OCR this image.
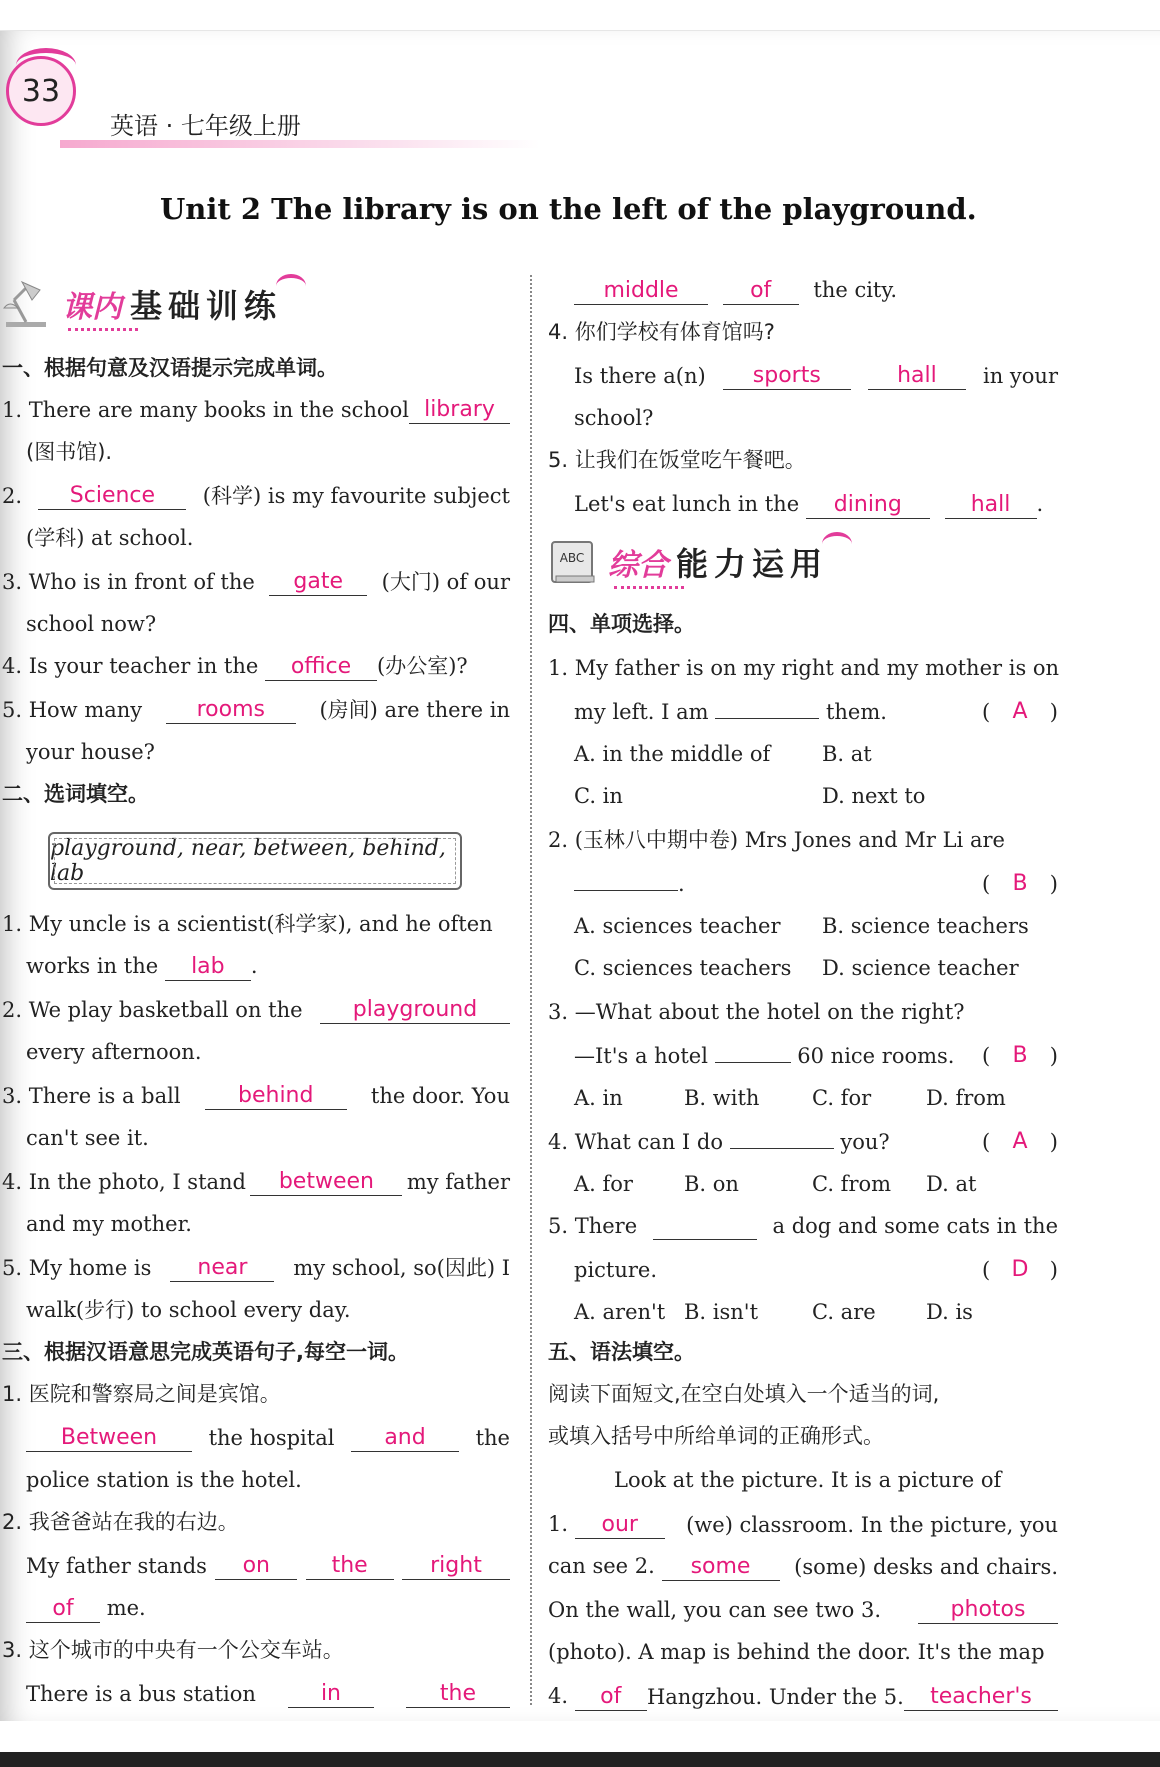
33
英语 · 七年级上册
Unit 2 The library is on the left of the playground.
课内 基础训练
一、根据句意及汉语提示完成单词。
1. There are many books in the school library
(图书馆).
2.	Science	(科学) is my favourite subject
(学科) at school.
3. Who is in front of the	gate	(大门) of our
school now?
4. Is your teacher in the office (办公室)?
5. How many	rooms	(房间) are there in
your house?
二、选词填空。
playground, near, between, behind, lab
1. My uncle is a scientist(科学家), and he often
works in the lab .
2. We play basketball on the	playground
every afternoon.
3. There is a ball	behind	the door. You
can't see it.
4. In the photo, I stand	between	my father
and my mother.
5. My home is	near	my school, so(因此) I
walk(步行) to school every day.
三、根据汉语意思完成英语句子,每空一词。
1. 医院和警察局之间是宾馆。
Between	the hospital	and	the
police station is the hotel.
2. 我爸爸站在我的右边。
My father stands	on	the	right
of me.
3. 这个城市的中央有一个公交车站。
There is a bus station	in	the
middle	of the city.
4. 你们学校有体育馆吗?
Is there a(n)	sports	hall	in your
school?
5. 让我们在饭堂吃午餐吧。
Let's eat lunch in the dining	hall .
ABC 综合 能力运用
四、单项选择。
1. My father is on my right and my mother is on
my left. I am	them.	( A )
A. in the middle of B. at
C. in	D. next to
2. (玉林八中期中卷) Mrs Jones and Mr Li are
.	( B )
A. sciences teacher B. science teachers
C. sciences teachers D. science teacher
3. —What about the hotel on the right?
—It's a hotel	60 nice rooms. ( B )
A. in	B. with	C. for	D. from
4. What can I do	you?	( A )
A. for B. on	C. from D. at
5. There	a dog and some cats in the
picture.	( D )
A. aren't B. isn't	C. are D. is
五、语法填空。
阅读下面短文,在空白处填入一个适当的词,
或填入括号中所给单词的正确形式。
Look at the picture. It is a picture of
1. our	(we) classroom. In the picture, you
can see 2. some	(some) desks and chairs.
On the wall, you can see two 3.	photos
(photo). A map is behind the door. It's the map
4. of	Hangzhou. Under the 5.	teacher's
